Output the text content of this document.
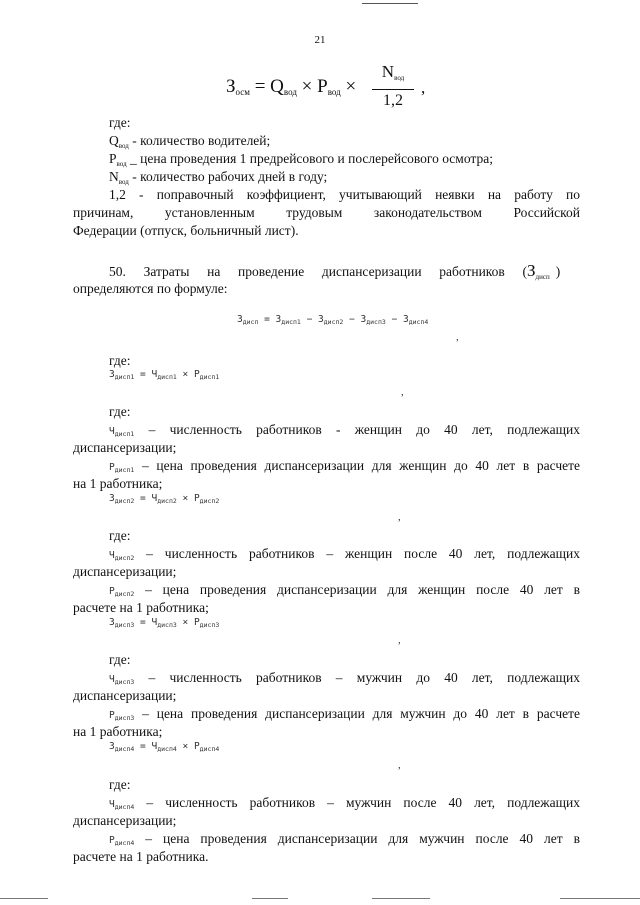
21
$З_{осм} = Q_{вод} \times P_{вод}$ ×
Nвод
1,2
,
где:
$Q_{вод}$ - количество водителей;
$P_{вод}$ _ цена проведения 1 предрейсового и послерейсового осмотра;
$N_{вод}$ - количество рабочих дней в году;
1,2 - поправочный коэффициент, учитывающий неявки на работу по
причинам, установленным трудовым законодательством Российской
Федерации (отпуск, больничный лист).
50. Затраты на проведение диспансеризации работников ($З_{дисп}$ )
определяются по формуле:
$З_{дисп} = З_{дисп1} - З_{дисп2} - З_{дисп3} - З_{дисп4}$
,
где:
$З_{дисп1} = Ч_{дисп1} \times P_{дисп1}$
,
где:
$Ч_{дисп1}$ – численность работников - женщин до 40 лет, подлежащих
диспансеризации;
$P_{дисп1}$ – цена проведения диспансеризации для женщин до 40 лет в расчете
на 1 работника;
$З_{дисп2} = Ч_{дисп2} \times P_{дисп2}$
,
где:
$Ч_{дисп2}$ – численность работников – женщин после 40 лет, подлежащих
диспансеризации;
$P_{дисп2}$ – цена проведения диспансеризации для женщин после 40 лет в
расчете на 1 работника;
$З_{дисп3} = Ч_{дисп3} \times P_{дисп3}$
,
где:
$Ч_{дисп3}$ – численность работников – мужчин до 40 лет, подлежащих
диспансеризации;
$P_{дисп3}$ – цена проведения диспансеризации для мужчин до 40 лет в расчете
на 1 работника;
$З_{дисп4} = Ч_{дисп4} \times P_{дисп4}$
,
где:
$Ч_{дисп4}$ – численность работников – мужчин после 40 лет, подлежащих
диспансеризации;
$P_{дисп4}$ – цена проведения диспансеризации для мужчин после 40 лет в
расчете на 1 работника.
